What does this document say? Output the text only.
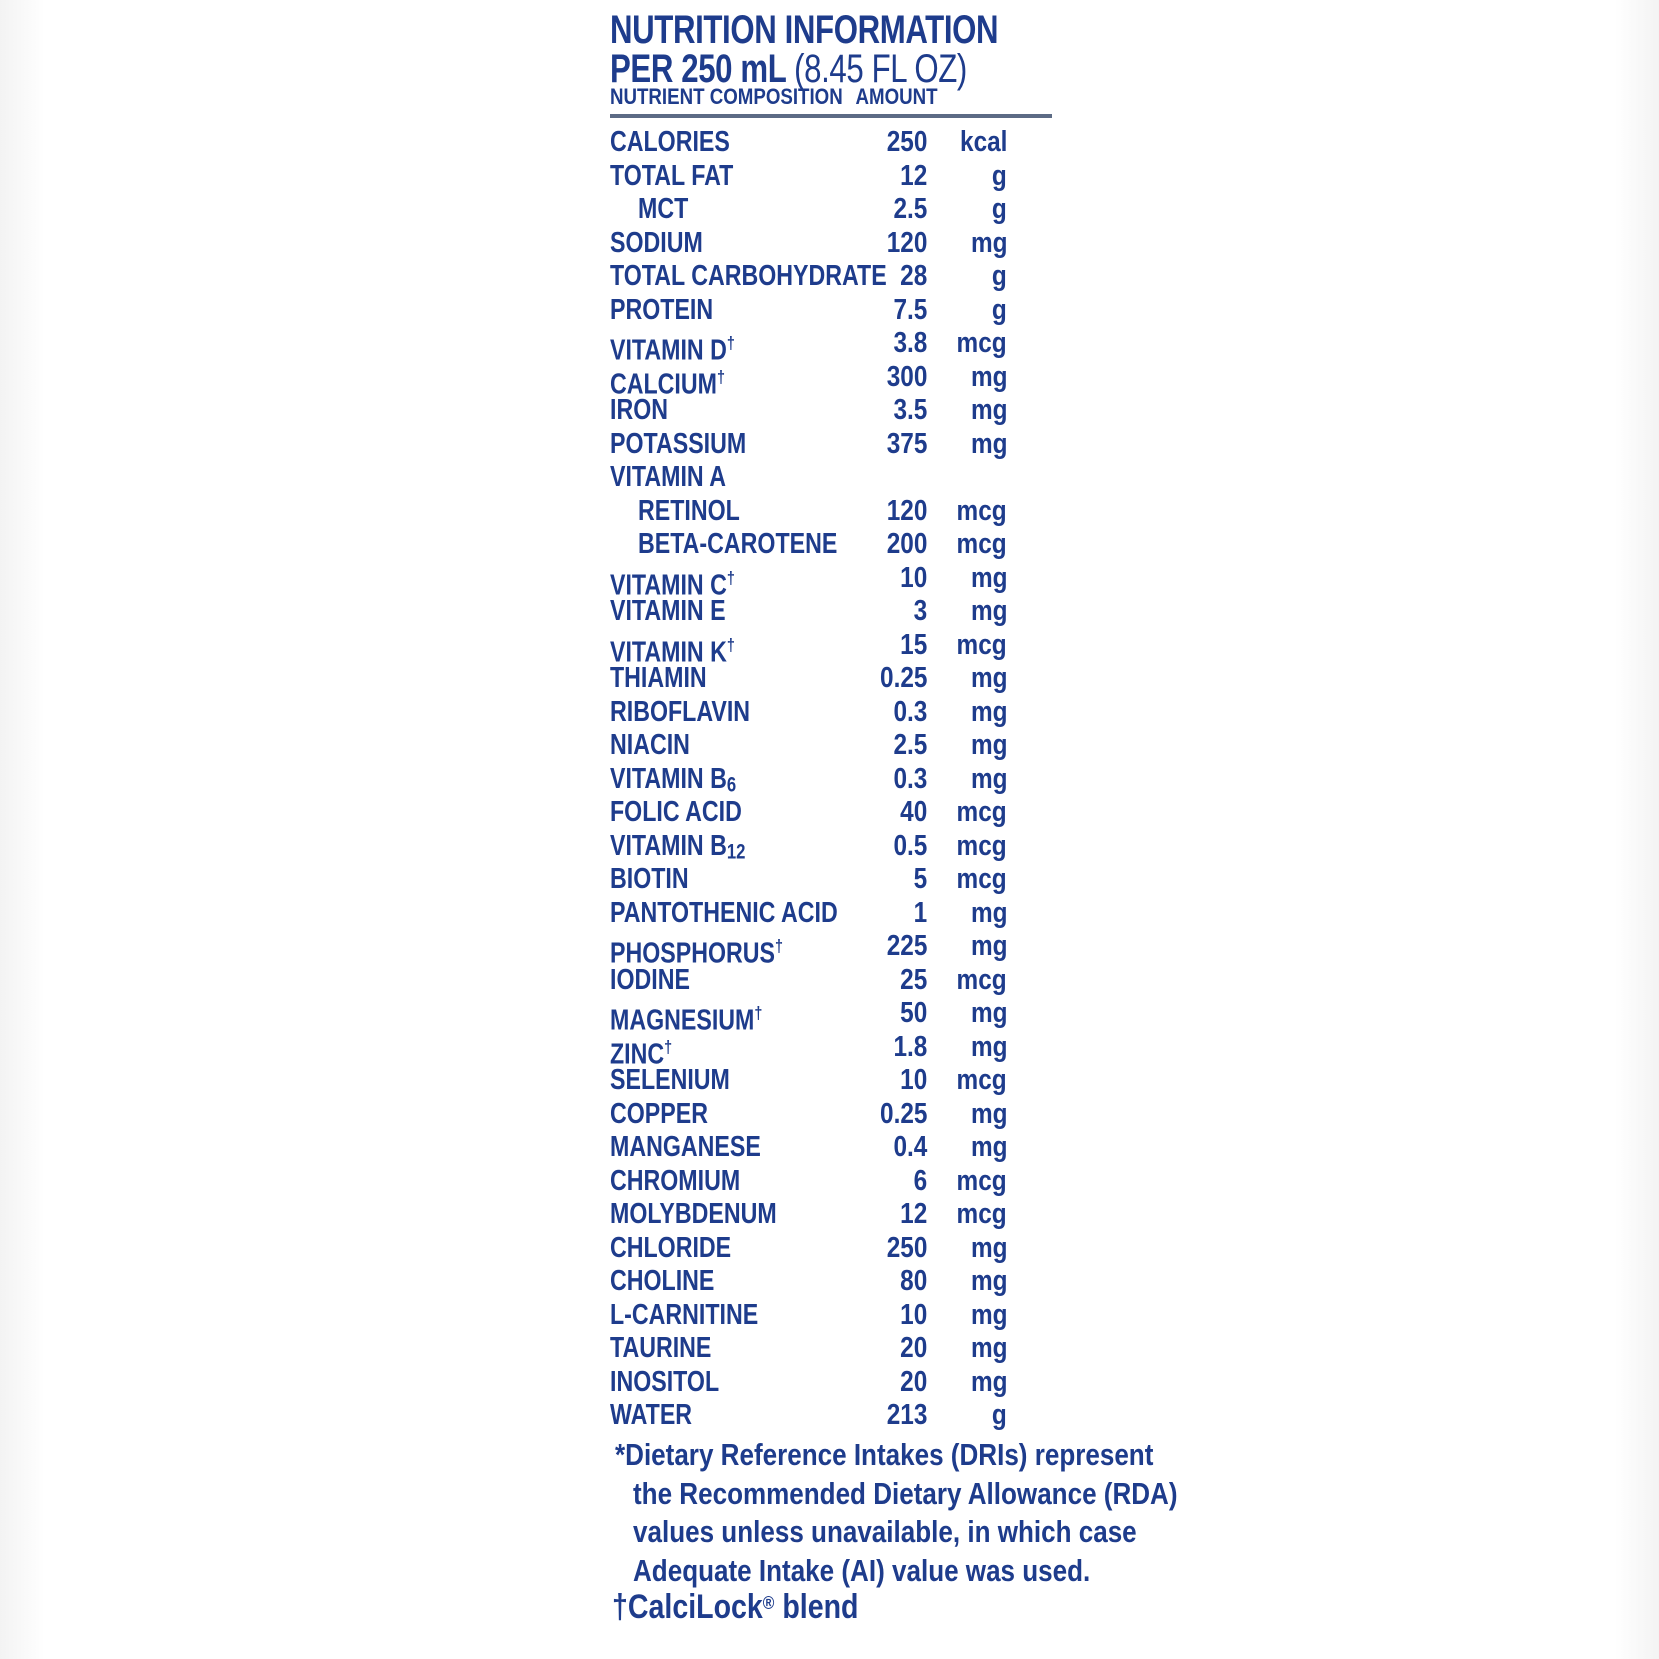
NUTRITION INFORMATION
PER 250 mL (8.45 FL OZ)
NUTRIENT COMPOSITION AMOUNT
CALORIES	250 kcal
TOTAL FAT	12 g
MCT	2.5 g
SODIUM	120 mg
TOTAL CARBOHYDRATE 28 g
PROTEIN	7.5 g
VITAMIN D†	3.8 mcg
CALCIUM†	300 mg
IRON	3.5 mg
POTASSIUM	375 mg
VITAMIN A
RETINOL	120 mcg
BETA-CAROTENE 200 mcg
VITAMIN C†	10 mg
VITAMIN E	3 mg
VITAMIN K†	15 mcg
THIAMIN	0.25 mg
RIBOFLAVIN	0.3 mg
NIACIN	2.5 mg
VITAMIN B6	0.3 mg
FOLIC ACID	40 mcg
VITAMIN B12	0.5 mcg
BIOTIN	5 mcg
PANTOTHENIC ACID	1 mg
PHOSPHORUS†	225 mg
IODINE	25 mcg
MAGNESIUM†	50 mg
ZINC†	1.8 mg
SELENIUM	10 mcg
COPPER	0.25 mg
MANGANESE	0.4 mg
CHROMIUM	6 mcg
MOLYBDENUM	12 mcg
CHLORIDE	250 mg
CHOLINE	80 mg
L-CARNITINE	10 mg
TAURINE	20 mg
INOSITOL	20 mg
WATER	213 g
*Dietary Reference Intakes (DRIs) represent
the Recommended Dietary Allowance (RDA)
values unless unavailable, in which case
Adequate Intake (AI) value was used.
†CalciLock® blend
